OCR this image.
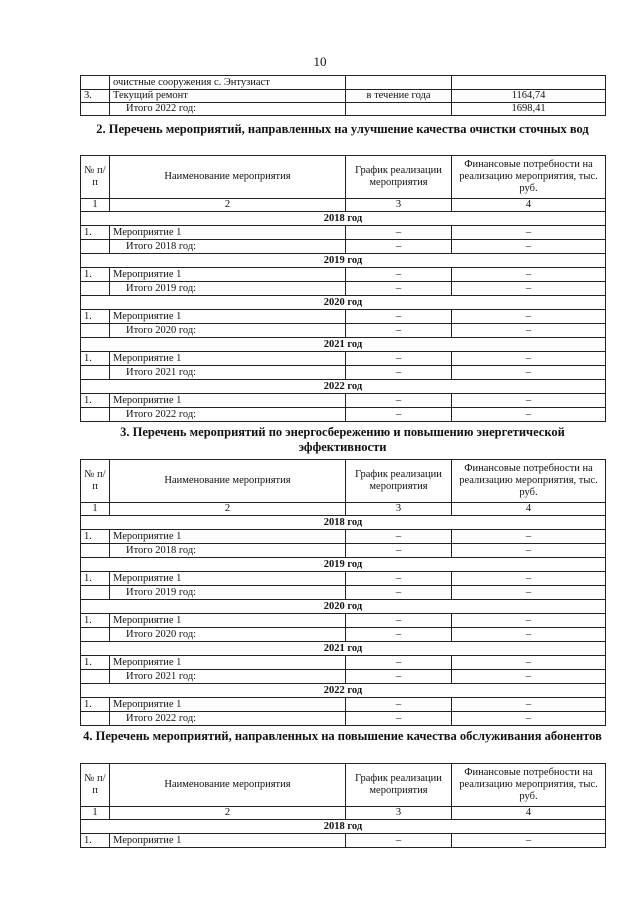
10
	очистные сооружения с. Энтузиаст		
3.	Текущий ремонт	в течение года	1164,74
	Итого 2022 год:		1698,41
2. Перечень мероприятий, направленных на улучшение качества очистки сточных вод
№ п/п	Наименование мероприятия	График реализации мероприятия	Финансовые потребности на реализацию мероприятия, тыс. руб.
1	2	3	4
2018 год			
1.	Мероприятие 1	–	–
	Итого 2018 год:	–	–
2019 год			
1.	Мероприятие 1	–	–
	Итого 2019 год:	–	–
2020 год			
1.	Мероприятие 1	–	–
	Итого 2020 год:	–	–
2021 год			
1.	Мероприятие 1	–	–
	Итого 2021 год:	–	–
2022 год			
1.	Мероприятие 1	–	–
	Итого 2022 год:	–	–
3. Перечень мероприятий по энергосбережению и повышению энергетической эффективности
№ п/п	Наименование мероприятия	График реализации мероприятия	Финансовые потребности на реализацию мероприятия, тыс. руб.
1	2	3	4
2018 год			
1.	Мероприятие 1	–	–
	Итого 2018 год:	–	–
2019 год			
1.	Мероприятие 1	–	–
	Итого 2019 год:	–	–
2020 год			
1.	Мероприятие 1	–	–
	Итого 2020 год:	–	–
2021 год			
1.	Мероприятие 1	–	–
	Итого 2021 год:	–	–
2022 год			
1.	Мероприятие 1	–	–
	Итого 2022 год:	–	–
4. Перечень мероприятий, направленных на повышение качества обслуживания абонентов
№ п/п	Наименование мероприятия	График реализации мероприятия	Финансовые потребности на реализацию мероприятия, тыс. руб.
1	2	3	4
2018 год			
1.	Мероприятие 1	–	–
